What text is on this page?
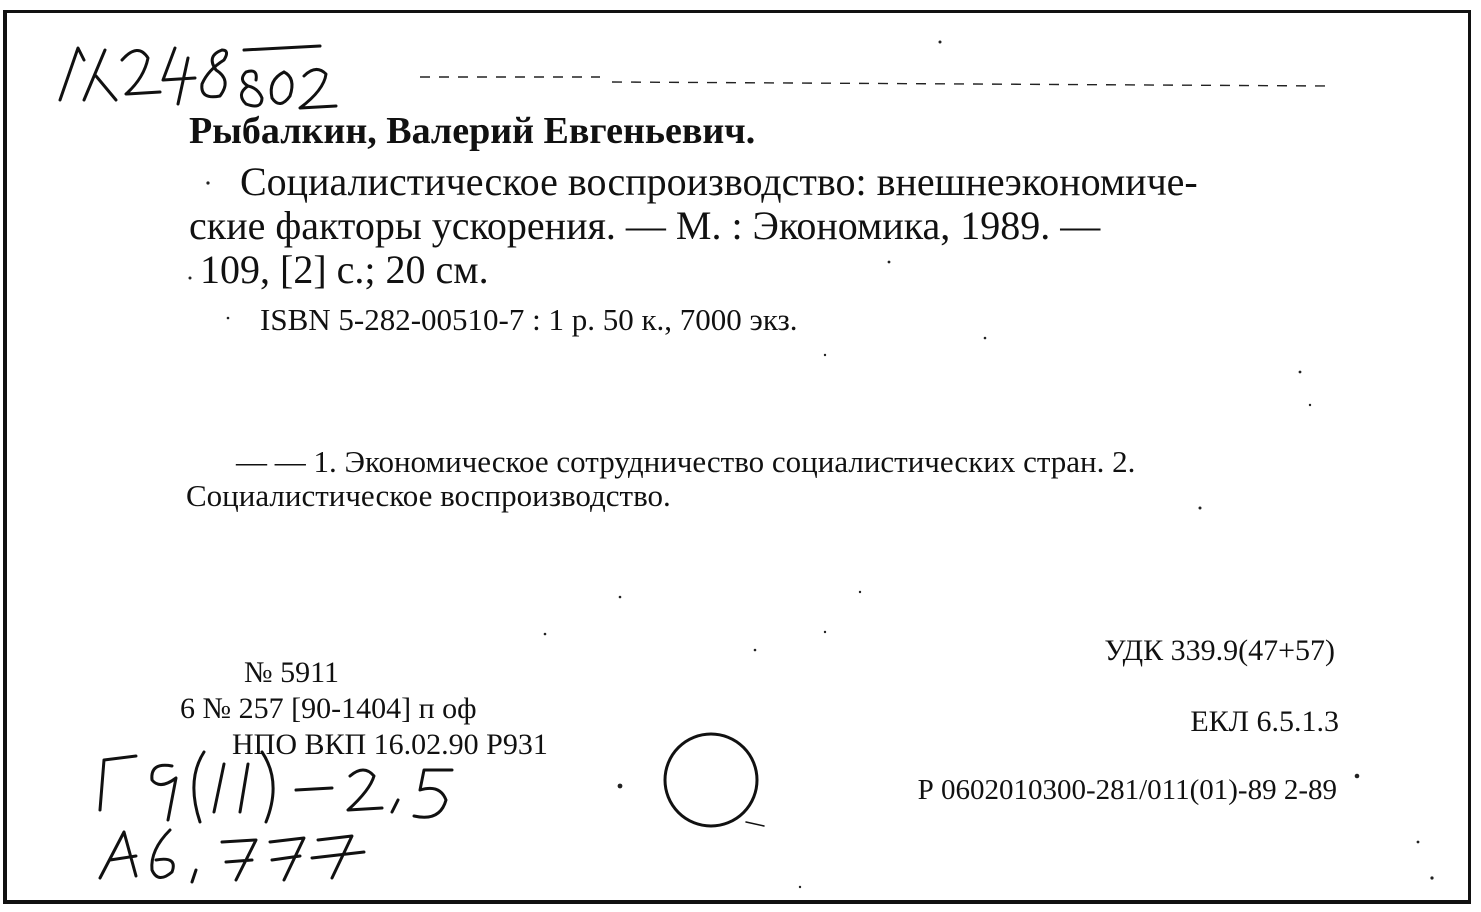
Рыбалкин, Валерий Евгеньевич.
Социалистическое воспроизводство: внешнеэкономиче-
ские факторы ускорения. — М. : Экономика, 1989. —
109, [2] с.; 20 см.
ISBN 5-282-00510-7 : 1 р. 50 к., 7000 экз.
— — 1. Экономическое сотрудничество социалистических стран. 2.
Социалистическое воспроизводство.
№ 5911
6 № 257 [90-1404] п оф
НПО ВКП 16.02.90 Р931
УДК 339.9(47+57)
ЕКЛ 6.5.1.3
Р 0602010300-281/011(01)-89 2-89
